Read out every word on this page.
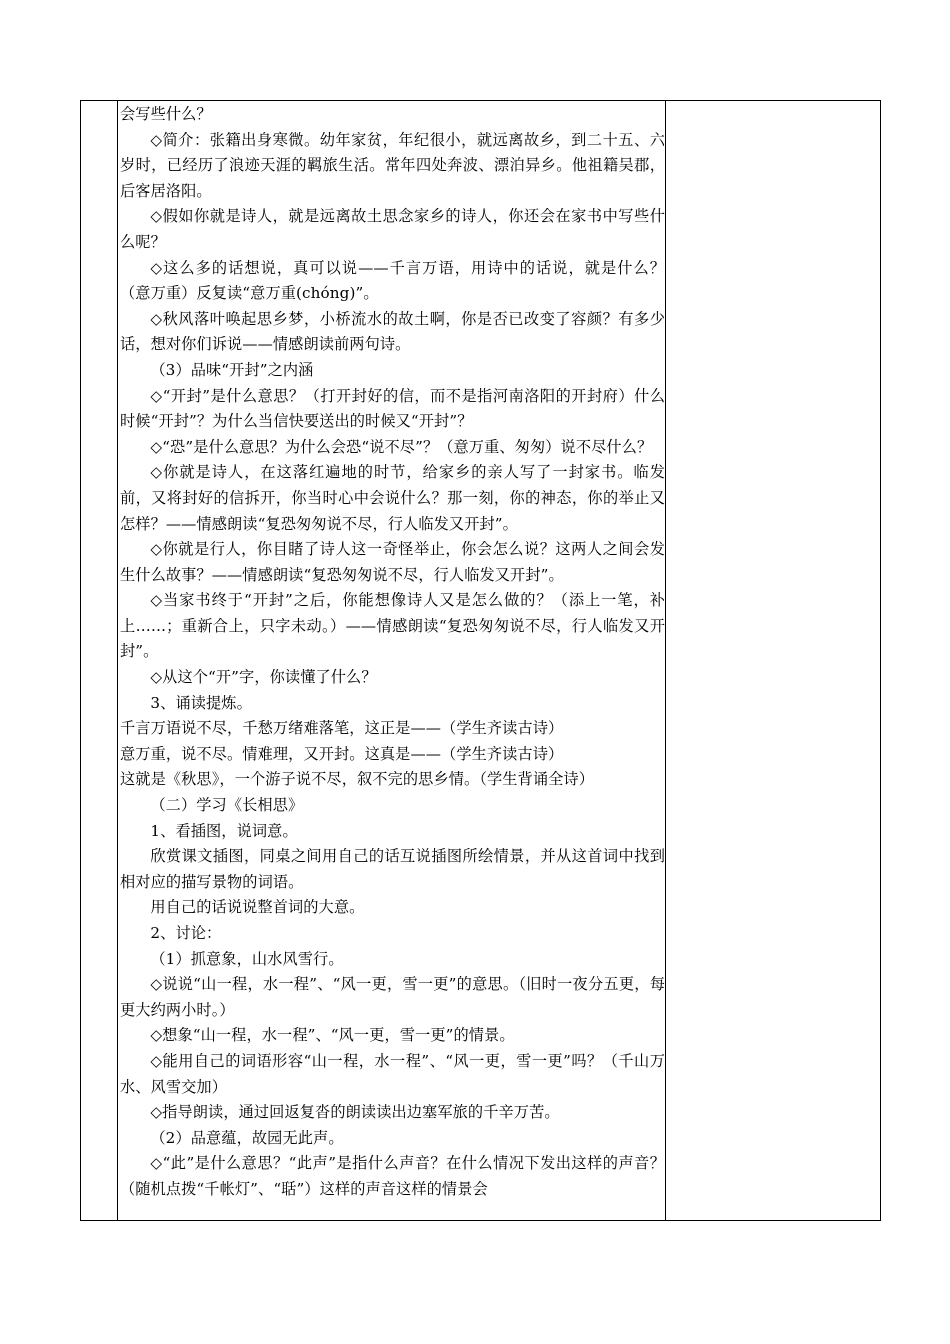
会写些什么？

◇简介：张籍出身寒微。幼年家贫，年纪很小，就远离故乡，到二十五、六岁时，已经历了浪迹天涯的羁旅生活。常年四处奔波、漂泊异乡。他祖籍吴郡，后客居洛阳。

◇假如你就是诗人，就是远离故土思念家乡的诗人，你还会在家书中写些什么呢？

◇这么多的话想说，真可以说——千言万语，用诗中的话说，就是什么？（意万重）反复读“意万重(chóng)”。

◇秋风落叶唤起思乡梦，小桥流水的故土啊，你是否已改变了容颜？有多少话，想对你们诉说——情感朗读前两句诗。

（3）品味“开封”之内涵

◇“开封”是什么意思？（打开封好的信，而不是指河南洛阳的开封府）什么时候“开封”？为什么当信快要送出的时候又“开封”？

◇“恐”是什么意思？为什么会恐“说不尽”？（意万重、匆匆）说不尽什么？

◇你就是诗人，在这落红遍地的时节，给家乡的亲人写了一封家书。临发前，又将封好的信拆开，你当时心中会说什么？那一刻，你的神态，你的举止又怎样？——情感朗读“复恐匆匆说不尽，行人临发又开封”。

◇你就是行人，你目睹了诗人这一奇怪举止，你会怎么说？这两人之间会发生什么故事？——情感朗读“复恐匆匆说不尽，行人临发又开封”。

◇当家书终于“开封”之后，你能想像诗人又是怎么做的？（添上一笔，补上……；重新合上，只字未动。）——情感朗读“复恐匆匆说不尽，行人临发又开封”。

◇从这个“开”字，你读懂了什么？

3、诵读提炼。

千言万语说不尽，千愁万绪难落笔，这正是——（学生齐读古诗）

意万重，说不尽。情难理，又开封。这真是——（学生齐读古诗）

这就是《秋思》，一个游子说不尽，叙不完的思乡情。（学生背诵全诗）

（二）学习《长相思》

1、看插图，说词意。

欣赏课文插图，同桌之间用自己的话互说插图所绘情景，并从这首词中找到相对应的描写景物的词语。

用自己的话说说整首词的大意。

2、讨论：

（1）抓意象，山水风雪行。

◇说说“山一程，水一程”、“风一更，雪一更”的意思。（旧时一夜分五更，每更大约两小时。）

◇想象“山一程，水一程”、“风一更，雪一更”的情景。

◇能用自己的词语形容“山一程，水一程”、“风一更，雪一更”吗？（千山万水、风雪交加）

◇指导朗读，通过回返复沓的朗读读出边塞军旅的千辛万苦。

（2）品意蕴，故园无此声。

◇“此”是什么意思？“此声”是指什么声音？在什么情况下发出这样的声音？（随机点拨“千帐灯”、“聒”）这样的声音这样的情景会
